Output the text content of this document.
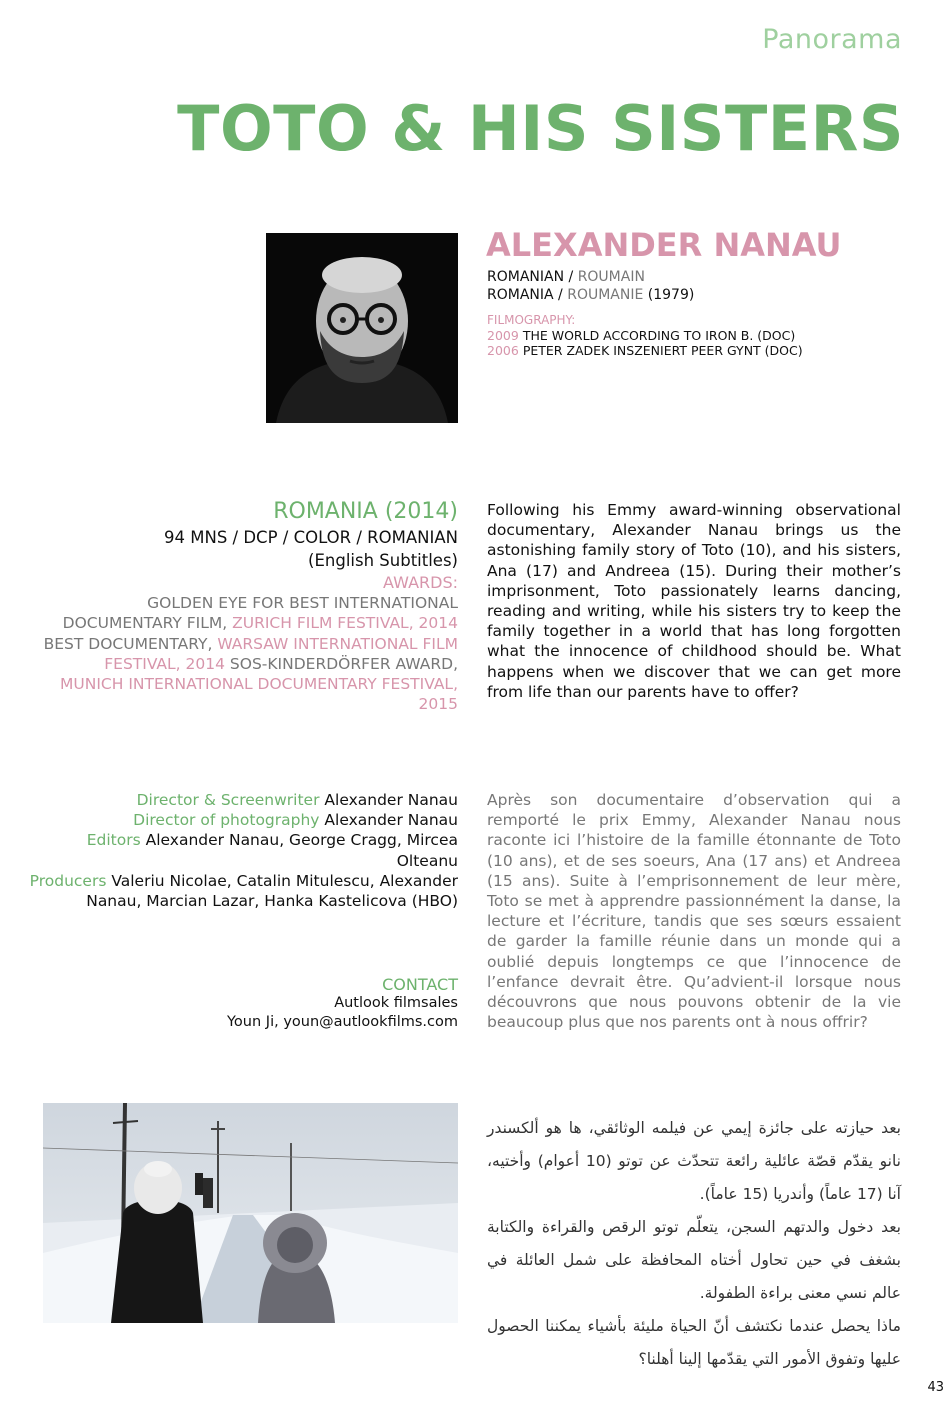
Panorama
TOTO & HIS SISTERS
ALEXANDER NANAU
ROMANIAN / ROUMAIN
ROMANIA / ROUMANIE (1979)
FILMOGRAPHY:
2009 THE WORLD ACCORDING TO IRON B. (DOC)
2006 PETER ZADEK INSZENIERT PEER GYNT (DOC)
ROMANIA (2014)
94 MNS / DCP / COLOR / ROMANIAN
(English Subtitles)
AWARDS:
GOLDEN EYE FOR BEST INTERNATIONAL DOCUMENTARY FILM, ZURICH FILM FESTIVAL, 2014 BEST DOCUMENTARY, WARSAW INTERNATIONAL FILM FESTIVAL, 2014 SOS-KINDERDÖRFER AWARD, MUNICH INTERNATIONAL DOCUMENTARY FESTIVAL, 2015
Following his Emmy award-winning observational documentary, Alexander Nanau brings us the astonishing family story of Toto (10), and his sisters, Ana (17) and Andreea (15). During their mother’s imprisonment, Toto passionately learns dancing, reading and writing, while his sisters try to keep the family together in a world that has long forgotten what the innocence of childhood should be. What happens when we discover that we can get more from life than our parents have to offer?
Après son documentaire d’observation qui a remporté le prix Emmy, Alexander Nanau nous raconte ici l’histoire de la famille étonnante de Toto (10 ans), et de ses soeurs, Ana (17 ans) et Andreea (15 ans). Suite à l’emprisonnement de leur mère, Toto se met à apprendre passionnément la danse, la lecture et l’écriture, tandis que ses sœurs essaient de garder la famille réunie dans un monde qui a oublié depuis longtemps ce que l’innocence de l’enfance devrait être. Qu’advient-il lorsque nous découvrons que nous pouvons obtenir de la vie beaucoup plus que nos parents ont à nous offrir?
Director & Screenwriter Alexander Nanau
Director of photography Alexander Nanau
Editors Alexander Nanau, George Cragg, Mircea Olteanu
Producers Valeriu Nicolae, Catalin Mitulescu, Alexander Nanau, Marcian Lazar, Hanka Kastelicova (HBO)
CONTACT
Autlook filmsales
Youn Ji, youn@autlookfilms.com
بعد حيازته على جائزة إيمي عن فيلمه الوثائقي، ها هو ألكسندر نانو يقدّم قصّة عائلية رائعة تتحدّث عن توتو (10 أعوام) وأختيه، آنا (17 عاماً) وأندريا (15 عاماً).
بعد دخول والدتهم السجن، يتعلّم توتو الرقص والقراءة والكتابة بشغف في حين تحاول أختاه المحافظة على شمل العائلة في عالم نسي معنى براءة الطفولة.
ماذا يحصل عندما نكتشف أنّ الحياة مليئة بأشياء يمكننا الحصول عليها وتفوق الأمور التي يقدّمها إلينا أهلنا؟
43
